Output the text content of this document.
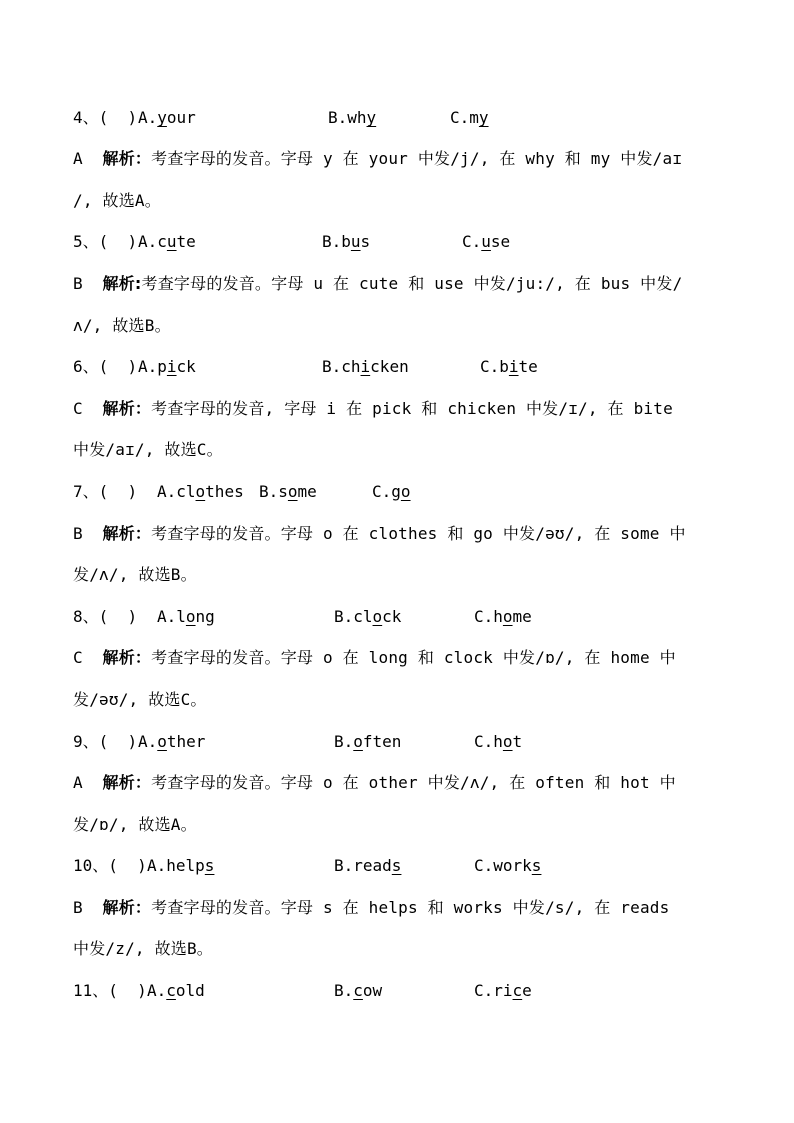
4、(  )

A.your

	B.why

	C.my

A 解析：考查字母的发音。字母 y 在 your 中发/j/, 在 why 和 my 中发/aɪ
/, 故选A。

5、(  )

A.cute

	B.bus

	C.use

B 解析:考查字母的发音。字母 u 在 cute 和 use 中发/ju:/, 在 bus 中发/
ʌ/, 故选B。

6、(  )

A.pick

	B.chicken

	C.bite

C 解析：考查字母的发音, 字母 i 在 pick 和 chicken 中发/ɪ/, 在 bite
中发/aɪ/, 故选C。

7、(  )

A.clothes

B.some

	C.go

B 解析：考查字母的发音。字母 o 在 clothes 和 go 中发/əʊ/, 在 some 中
发/ʌ/, 故选B。

8、(  )

A.long

	B.clock

	C.home

C 解析：考查字母的发音。字母 o 在 long 和 clock 中发/ɒ/, 在 home 中
发/əʊ/, 故选C。

9、(  )

A.other

	B.often

	C.hot

A 解析：考查字母的发音。字母 o 在 other 中发/ʌ/, 在 often 和 hot 中
发/ɒ/, 故选A。

10、(  )

A.helps

	B.reads

	C.works

B 解析：考查字母的发音。字母 s 在 helps 和 works 中发/s/, 在 reads
中发/z/, 故选B。

11、(  )

A.cold

	B.cow

	C.rice
